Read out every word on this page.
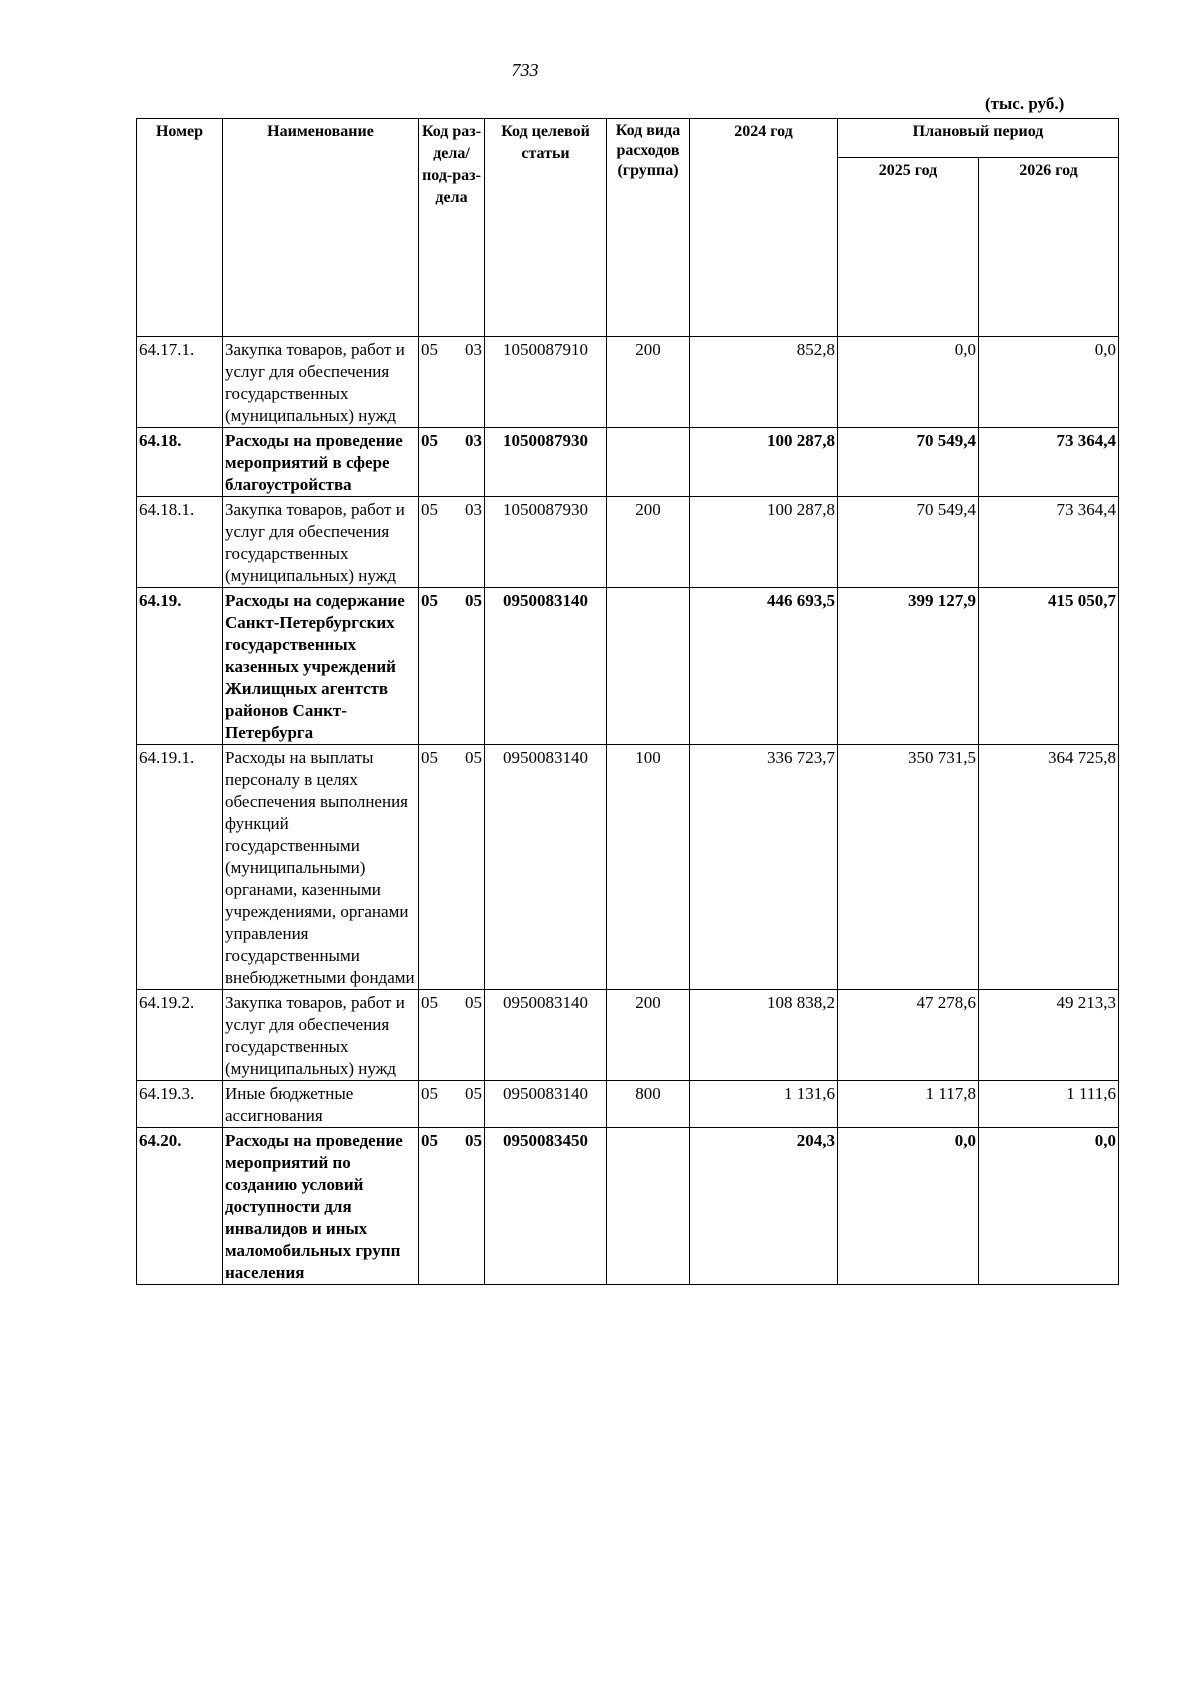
733
(тыс. руб.)
Номер	Наименование	Код раз-дела/ под-раз-дела	Код целевой статьи	Код вида расходов (группа)	2024 год	Плановый период	
						2025 год	2026 год
64.17.1.	Закупка товаров, работ и услуг для обеспечения государственных (муниципальных) нужд	05 03	1050087910	200	852,8	0,0	0,0
64.18.	Расходы на проведение мероприятий в сфере благоустройства	05 03	1050087930		100 287,8	70 549,4	73 364,4
64.18.1.	Закупка товаров, работ и услуг для обеспечения государственных (муниципальных) нужд	05 03	1050087930	200	100 287,8	70 549,4	73 364,4
64.19.	Расходы на содержание Санкт-Петербургских государственных казенных учреждений Жилищных агентств районов Санкт-Петербурга	05 05	0950083140		446 693,5	399 127,9	415 050,7
64.19.1.	Расходы на выплаты персоналу в целях обеспечения выполнения функций государственными (муниципальными) органами, казенными учреждениями, органами управления государственными внебюджетными фондами	05 05	0950083140	100	336 723,7	350 731,5	364 725,8
64.19.2.	Закупка товаров, работ и услуг для обеспечения государственных (муниципальных) нужд	05 05	0950083140	200	108 838,2	47 278,6	49 213,3
64.19.3.	Иные бюджетные ассигнования	05 05	0950083140	800	1 131,6	1 117,8	1 111,6
64.20.	Расходы на проведение мероприятий по созданию условий доступности для инвалидов и иных маломобильных групп населения	05 05	0950083450		204,3	0,0	0,0
